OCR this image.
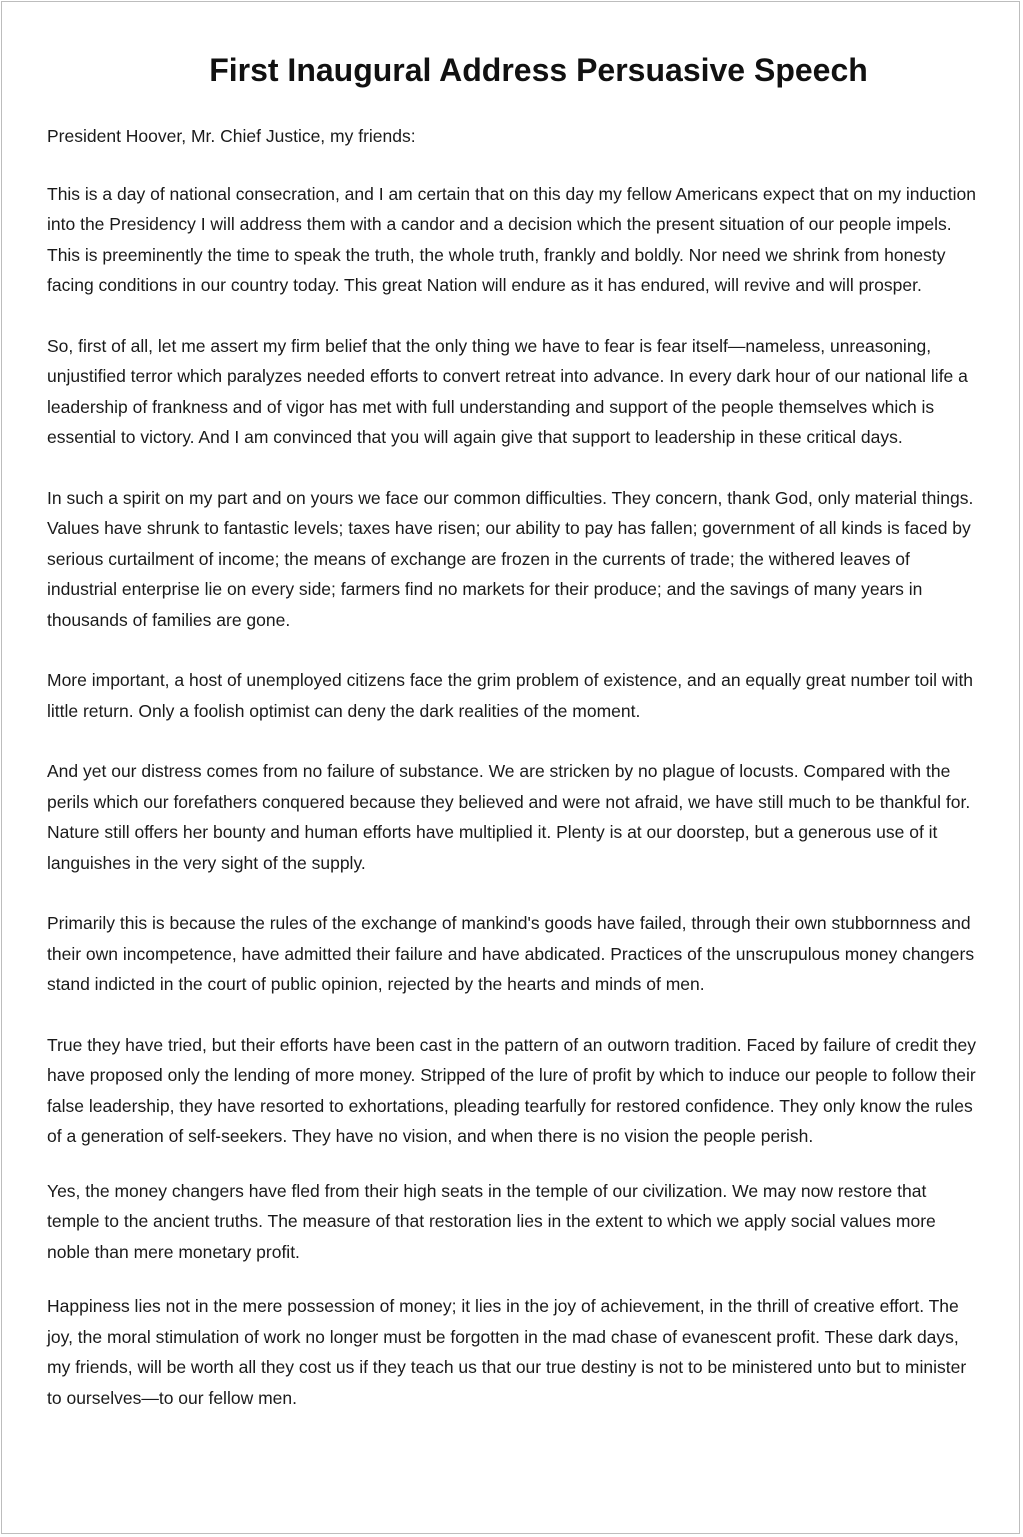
First Inaugural Address Persuasive Speech

President Hoover, Mr. Chief Justice, my friends:

This is a day of national consecration, and I am certain that on this day my fellow Americans expect that on my induction into the Presidency I will address them with a candor and a decision which the present situation of our people impels. This is preeminently the time to speak the truth, the whole truth, frankly and boldly. Nor need we shrink from honesty facing conditions in our country today. This great Nation will endure as it has endured, will revive and will prosper.

So, first of all, let me assert my firm belief that the only thing we have to fear is fear itself—nameless, unreasoning, unjustified terror which paralyzes needed efforts to convert retreat into advance. In every dark hour of our national life a leadership of frankness and of vigor has met with full understanding and support of the people themselves which is essential to victory. And I am convinced that you will again give that support to leadership in these critical days.

In such a spirit on my part and on yours we face our common difficulties. They concern, thank God, only material things. Values have shrunk to fantastic levels; taxes have risen; our ability to pay has fallen; government of all kinds is faced by serious curtailment of income; the means of exchange are frozen in the currents of trade; the withered leaves of industrial enterprise lie on every side; farmers find no markets for their produce; and the savings of many years in thousands of families are gone.

More important, a host of unemployed citizens face the grim problem of existence, and an equally great number toil with little return. Only a foolish optimist can deny the dark realities of the moment.

And yet our distress comes from no failure of substance. We are stricken by no plague of locusts. Compared with the perils which our forefathers conquered because they believed and were not afraid, we have still much to be thankful for. Nature still offers her bounty and human efforts have multiplied it. Plenty is at our doorstep, but a generous use of it languishes in the very sight of the supply.

Primarily this is because the rules of the exchange of mankind's goods have failed, through their own stubbornness and their own incompetence, have admitted their failure and have abdicated. Practices of the unscrupulous money changers stand indicted in the court of public opinion, rejected by the hearts and minds of men.

True they have tried, but their efforts have been cast in the pattern of an outworn tradition. Faced by failure of credit they have proposed only the lending of more money. Stripped of the lure of profit by which to induce our people to follow their false leadership, they have resorted to exhortations, pleading tearfully for restored confidence. They only know the rules of a generation of self-seekers. They have no vision, and when there is no vision the people perish.

Yes, the money changers have fled from their high seats in the temple of our civilization. We may now restore that temple to the ancient truths. The measure of that restoration lies in the extent to which we apply social values more noble than mere monetary profit.

Happiness lies not in the mere possession of money; it lies in the joy of achievement, in the thrill of creative effort. The joy, the moral stimulation of work no longer must be forgotten in the mad chase of evanescent profit. These dark days, my friends, will be worth all they cost us if they teach us that our true destiny is not to be ministered unto but to minister to ourselves—to our fellow men.
